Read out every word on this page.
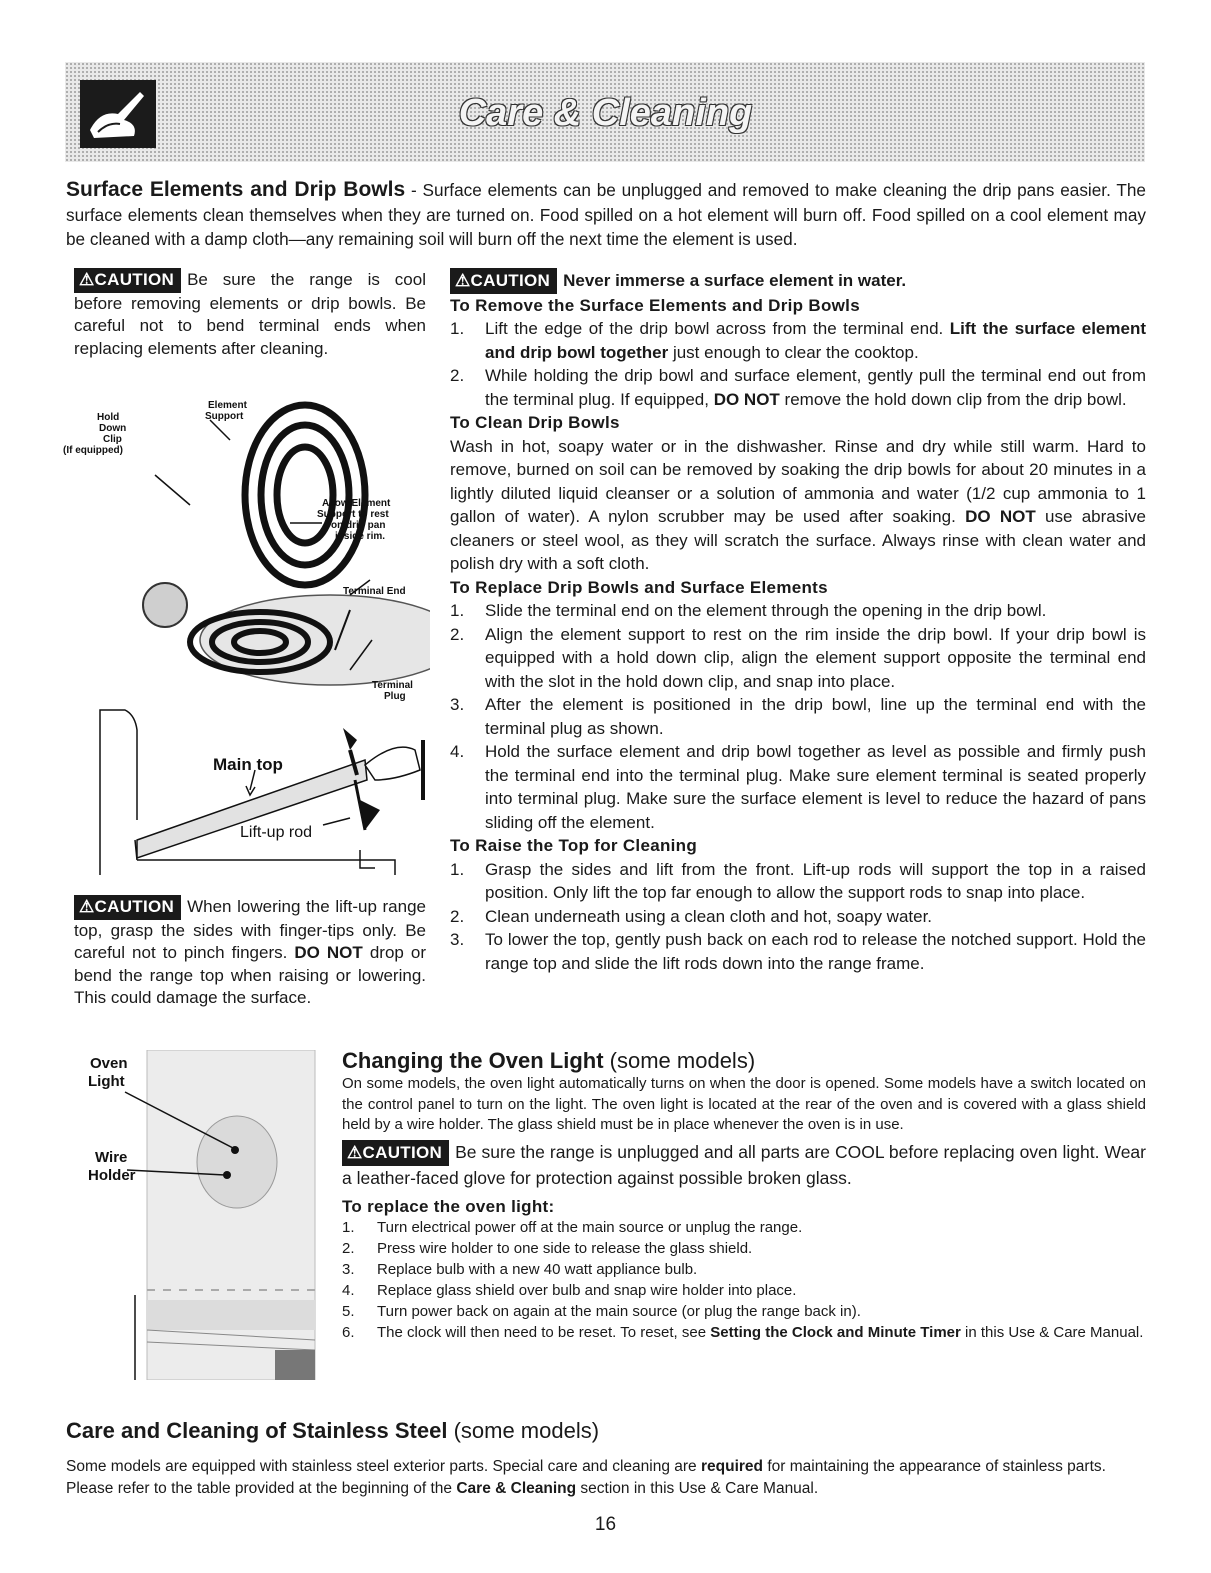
Care & Cleaning
Surface Elements and Drip Bowls - Surface elements can be unplugged and removed to make cleaning the drip pans easier. The surface elements clean themselves when they are turned on. Food spilled on a hot element will burn off. Food spilled on a cool element may be cleaned with a damp cloth—any remaining soil will burn off the next time the element is used.
⚠CAUTION Be sure the range is cool before removing elements or drip bowls. Be careful not to bend terminal ends when replacing elements after cleaning.
Hold
Down
Clip
(If equipped)
Element
Support
Allow Element
Support to rest
on drip pan
inside rim.
Terminal End
Terminal
Plug
Main top
Lift-up rod
⚠CAUTION When lowering the lift-up range top, grasp the sides with finger-tips only. Be careful not to pinch fingers. DO NOT drop or bend the range top when raising or lowering. This could damage the surface.
Oven
Light
Wire
Holder
⚠CAUTION Never immerse a surface element in water.
To Remove the Surface Elements and Drip Bowls
1.	Lift the edge of the drip bowl across from the terminal end. Lift the surface element and drip bowl together just enough to clear the cooktop.
2.	While holding the drip bowl and surface element, gently pull the terminal end out from the terminal plug. If equipped, DO NOT remove the hold down clip from the drip bowl.
To Clean Drip Bowls
Wash in hot, soapy water or in the dishwasher. Rinse and dry while still warm. Hard to remove, burned on soil can be removed by soaking the drip bowls for about 20 minutes in a lightly diluted liquid cleanser or a solution of ammonia and water (1/2 cup ammonia to 1 gallon of water). A nylon scrubber may be used after soaking. DO NOT use abrasive cleaners or steel wool, as they will scratch the surface. Always rinse with clean water and polish dry with a soft cloth.
To Replace Drip Bowls and Surface Elements
1.	Slide the terminal end on the element through the opening in the drip bowl.
2.	Align the element support to rest on the rim inside the drip bowl. If your drip bowl is equipped with a hold down clip, align the element support opposite the terminal end with the slot in the hold down clip, and snap into place.
3.	After the element is positioned in the drip bowl, line up the terminal end with the terminal plug as shown.
4.	Hold the surface element and drip bowl together as level as possible and firmly push the terminal end into the terminal plug. Make sure element terminal is seated properly into terminal plug. Make sure the surface element is level to reduce the hazard of pans sliding off the element.
To Raise the Top for Cleaning
1.	Grasp the sides and lift from the front. Lift-up rods will support the top in a raised position. Only lift the top far enough to allow the support rods to snap into place.
2.	Clean underneath using a clean cloth and hot, soapy water.
3.	To lower the top, gently push back on each rod to release the notched support. Hold the range top and slide the lift rods down into the range frame.
Changing the Oven Light (some models)
On some models, the oven light automatically turns on when the door is opened. Some models have a switch located on the control panel to turn on the light. The oven light is located at the rear of the oven and is covered with a glass shield held by a wire holder. The glass shield must be in place whenever the oven is in use.
⚠CAUTION Be sure the range is unplugged and all parts are COOL before replacing oven light. Wear a leather-faced glove for protection against possible broken glass.
To replace the oven light:
1.	Turn electrical power off at the main source or unplug the range.
2.	Press wire holder to one side to release the glass shield.
3.	Replace bulb with a new 40 watt appliance bulb.
4.	Replace glass shield over bulb and snap wire holder into place.
5.	Turn power back on again at the main source (or plug the range back in).
6.	The clock will then need to be reset. To reset, see Setting the Clock and Minute Timer in this Use & Care Manual.
Care and Cleaning of Stainless Steel (some models)
Some models are equipped with stainless steel exterior parts. Special care and cleaning are required for maintaining the appearance of stainless parts. Please refer to the table provided at the beginning of the Care & Cleaning section in this Use & Care Manual.
16
